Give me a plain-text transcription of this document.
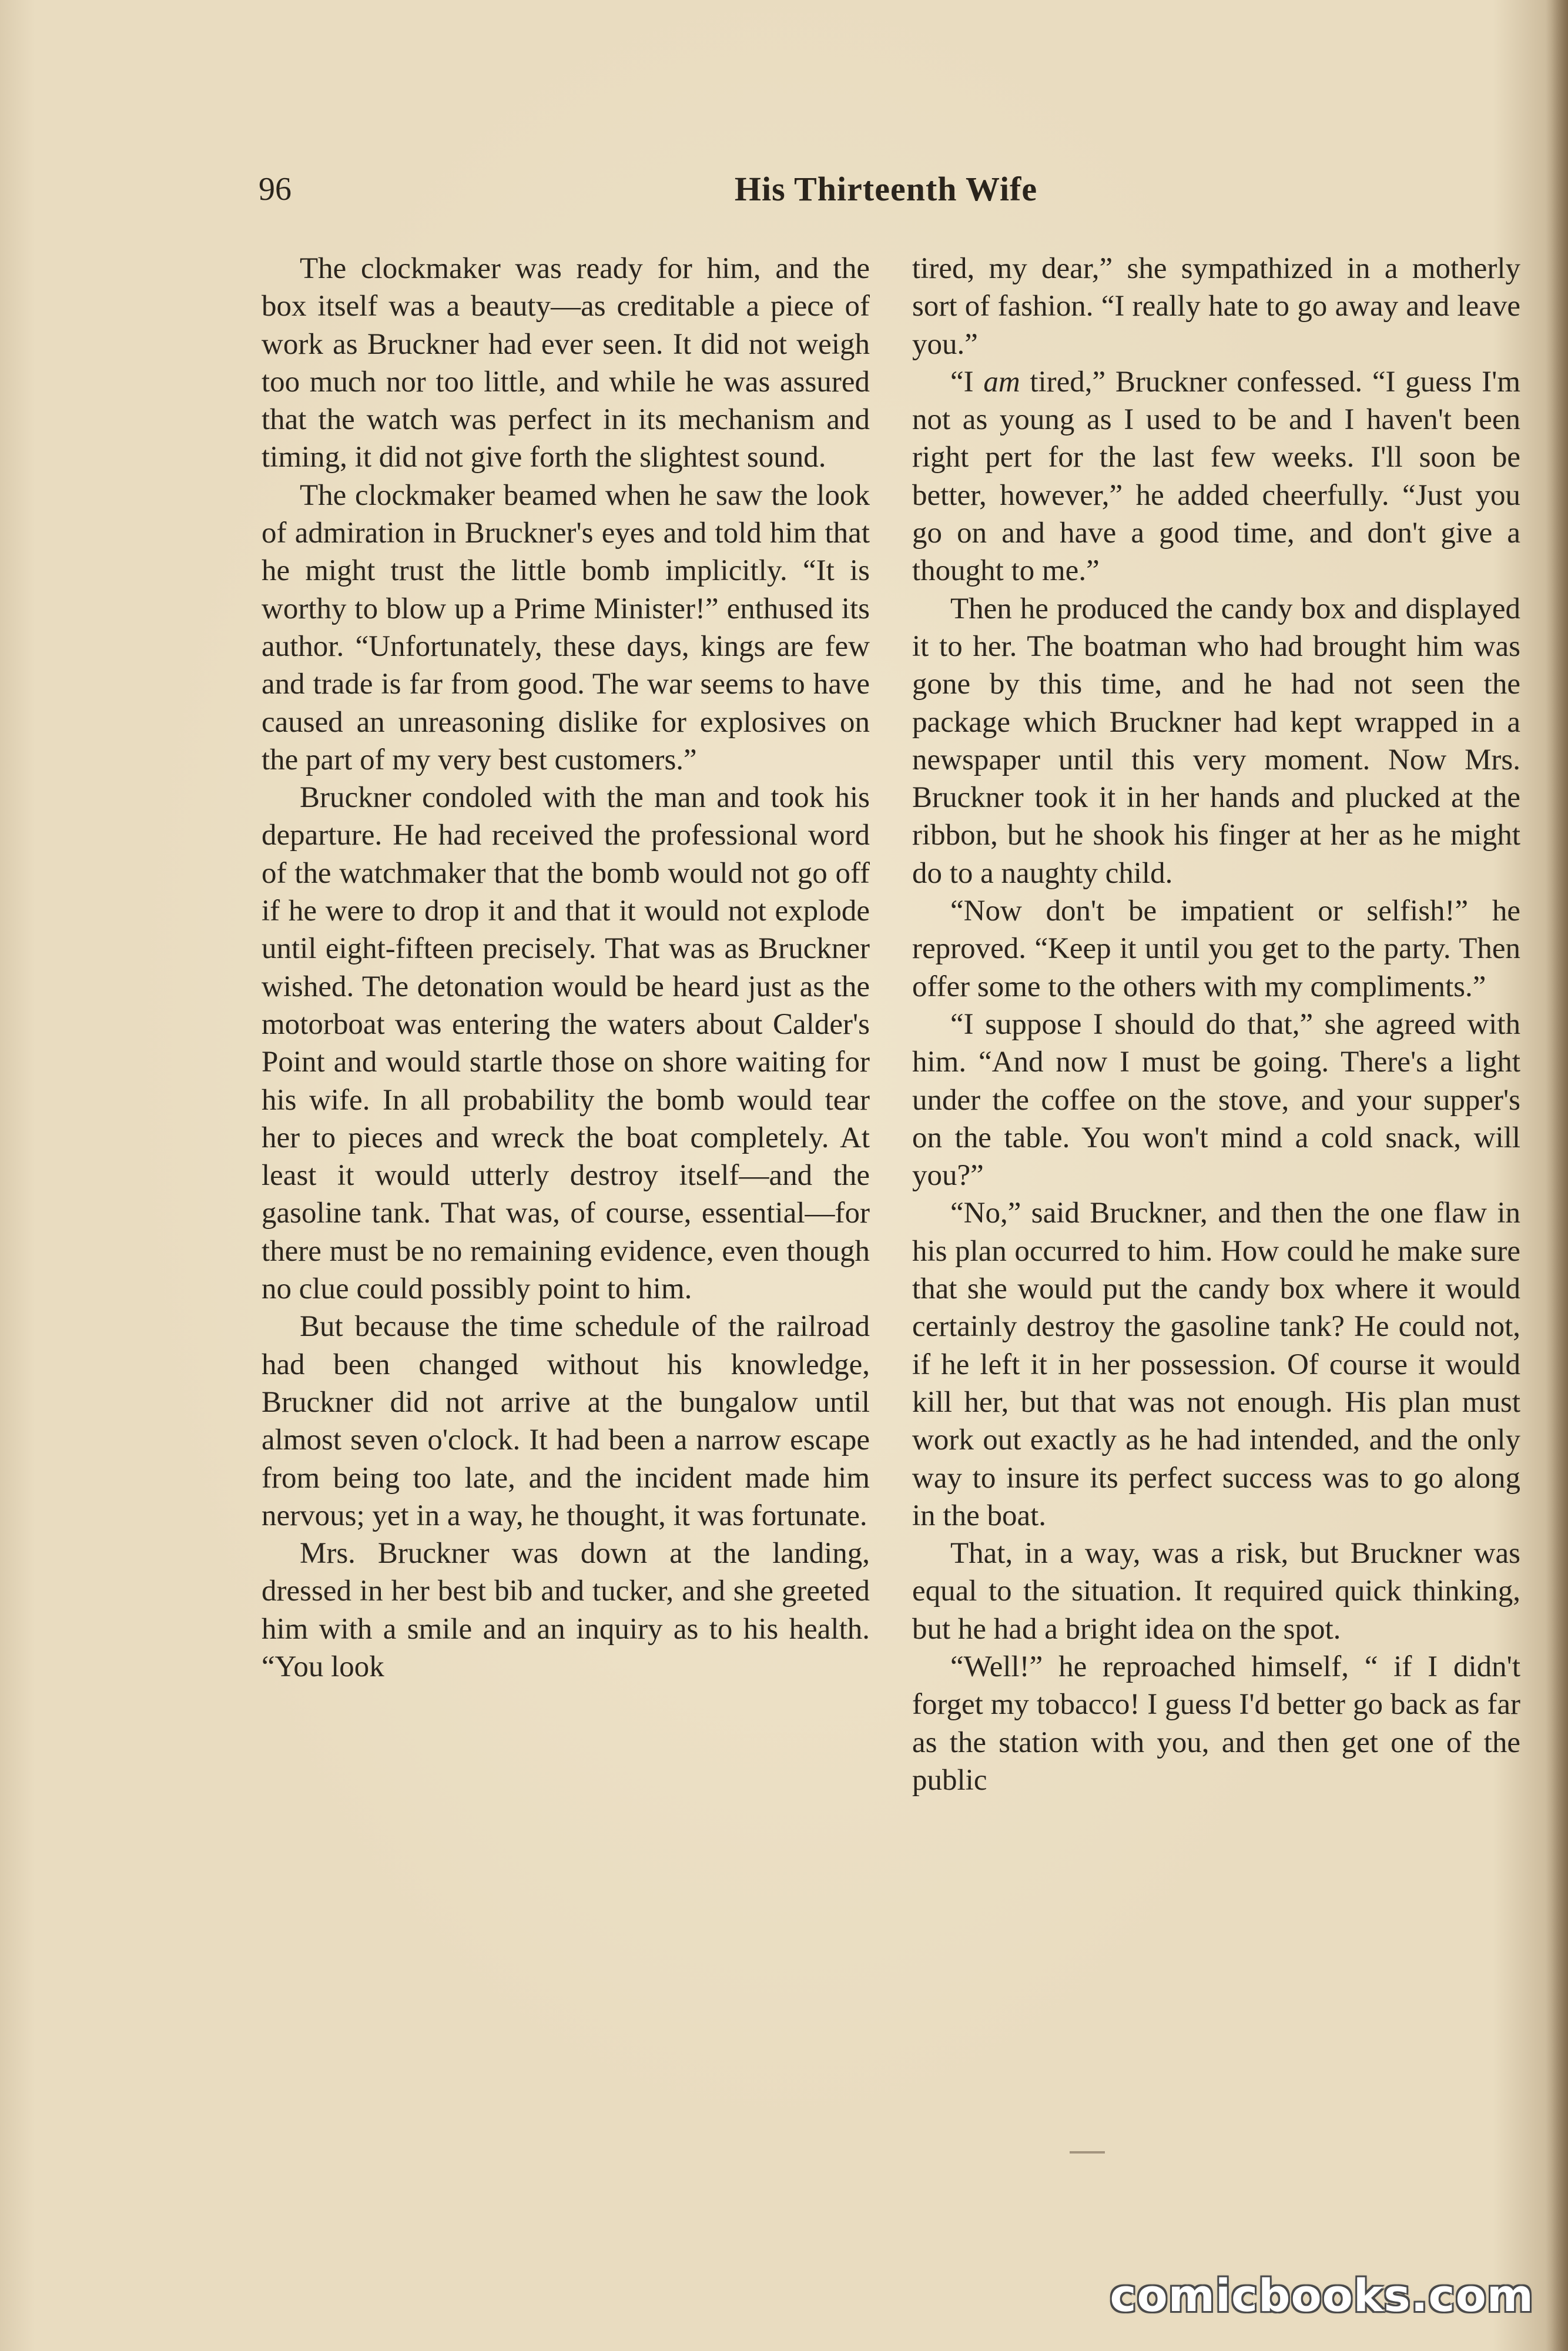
96	His Thirteenth Wife

The clockmaker was ready for him, and the box itself was a beauty—as creditable a piece of work as Bruckner had ever seen. It did not weigh too much nor too little, and while he was assured that the watch was perfect in its mechanism and timing, it did not give forth the slightest sound.

The clockmaker beamed when he saw the look of admiration in Bruckner's eyes and told him that he might trust the little bomb implicitly. “It is worthy to blow up a Prime Minister!” enthused its author. “Unfortunately, these days, kings are few and trade is far from good. The war seems to have caused an unreasoning dislike for explosives on the part of my very best customers.”

Bruckner condoled with the man and took his departure. He had received the professional word of the watchmaker that the bomb would not go off if he were to drop it and that it would not explode until eight-fifteen precisely. That was as Bruckner wished. The detonation would be heard just as the motorboat was entering the waters about Calder's Point and would startle those on shore waiting for his wife. In all probability the bomb would tear her to pieces and wreck the boat completely. At least it would utterly destroy itself—and the gasoline tank. That was, of course, essential—for there must be no remaining evidence, even though no clue could possibly point to him.

But because the time schedule of the railroad had been changed without his knowledge, Bruckner did not arrive at the bungalow until almost seven o'clock. It had been a narrow escape from being too late, and the incident made him nervous; yet in a way, he thought, it was fortunate.

Mrs. Bruckner was down at the landing, dressed in her best bib and tucker, and she greeted him with a smile and an inquiry as to his health. “You look

tired, my dear,” she sympathized in a motherly sort of fashion. “I really hate to go away and leave you.”

“I am tired,” Bruckner confessed. “I guess I'm not as young as I used to be and I haven't been right pert for the last few weeks. I'll soon be better, however,” he added cheerfully. “Just you go on and have a good time, and don't give a thought to me.”

Then he produced the candy box and displayed it to her. The boatman who had brought him was gone by this time, and he had not seen the package which Bruckner had kept wrapped in a newspaper until this very moment. Now Mrs. Bruckner took it in her hands and plucked at the ribbon, but he shook his finger at her as he might do to a naughty child.

“Now don't be impatient or selfish!” he reproved. “Keep it until you get to the party. Then offer some to the others with my compliments.”

“I suppose I should do that,” she agreed with him. “And now I must be going. There's a light under the coffee on the stove, and your supper's on the table. You won't mind a cold snack, will you?”

“No,” said Bruckner, and then the one flaw in his plan occurred to him. How could he make sure that she would put the candy box where it would certainly destroy the gasoline tank? He could not, if he left it in her possession. Of course it would kill her, but that was not enough. His plan must work out exactly as he had intended, and the only way to insure its perfect success was to go along in the boat.

That, in a way, was a risk, but Bruckner was equal to the situation. It required quick thinking, but he had a bright idea on the spot.

“Well!” he reproached himself, “ if I didn't forget my tobacco! I guess I'd better go back as far as the station with you, and then get one of the public

comicbooks.com
